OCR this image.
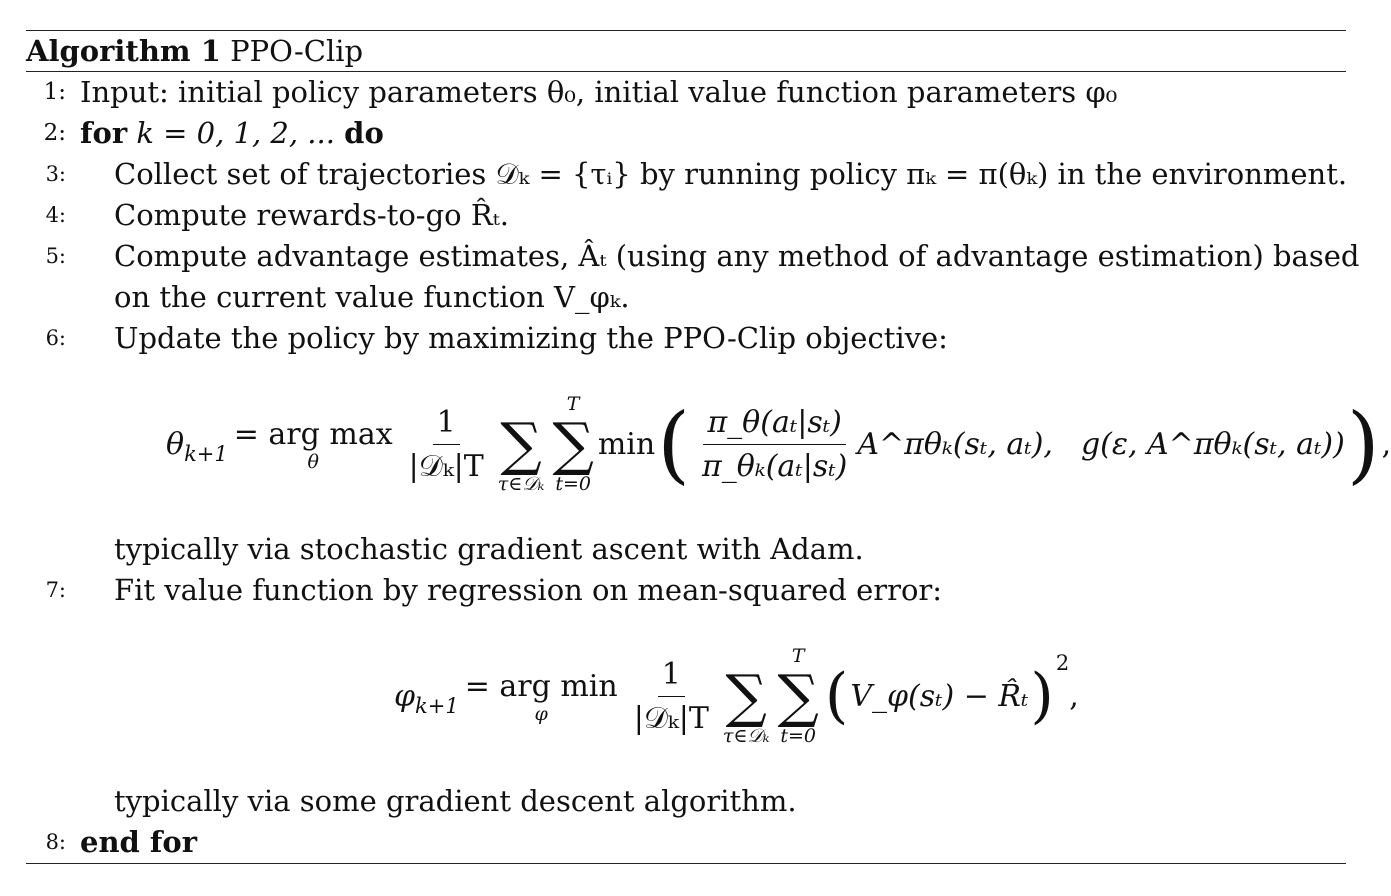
Algorithm 1 PPO-Clip
1: Input: initial policy parameters θ₀, initial value function parameters φ₀
2: for k = 0, 1, 2, ... do
3:	Collect set of trajectories 𝒟ₖ = {τᵢ} by running policy πₖ = π(θₖ) in the environment.
4:	Compute rewards-to-go R̂ₜ.
5:	Compute advantage estimates, Âₜ (using any method of advantage estimation) based
on the current value function V_φₖ.
6:	Update the policy by maximizing the PPO-Clip objective:
$\theta_{k+1}$
= arg max
θ	$\frac{1}{\text{|𝒟ₖ|T}}$
∑
τ∈𝒟ₖ
T
∑
t=0
min ( $\frac{\text{π\_θ(aₜ|sₜ)}}{\text{π\_θₖ(aₜ|sₜ)}}$ A^πθₖ(sₜ, aₜ), g(ε, A^πθₖ(sₜ, aₜ)) ) ,
typically via stochastic gradient ascent with Adam.
7:	Fit value function by regression on mean-squared error:
$\varphi_{k+1}$
= arg min
φ	$\frac{1}{\text{|𝒟ₖ|T}}$
∑
τ∈𝒟ₖ
T
∑
t=0
( V_φ(sₜ) − R̂ₜ ) 2
,
typically via some gradient descent algorithm.
8: end for
